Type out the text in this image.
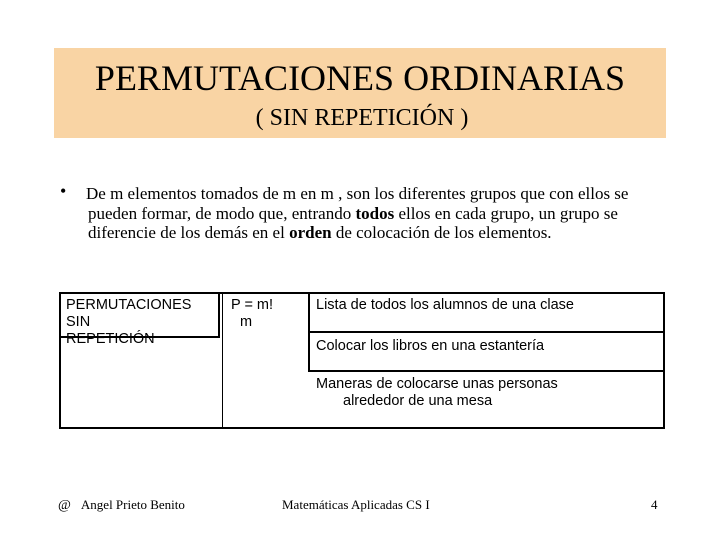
PERMUTACIONES ORDINARIAS
( SIN REPETICIÓN )
• De m elementos tomados de m en m , son los diferentes grupos que con ellos se pueden formar, de modo que, entrando todos ellos en cada grupo, un grupo se diferencie de los demás en el orden de colocación de los elementos.
PERMUTACIONES
SIN
REPETICIÓN
P = m!
m
Lista de todos los alumnos de una clase
Colocar los libros en una estantería
Maneras de colocarse unas personas
alrededor de una mesa
@ Angel Prieto Benito	Matemáticas Aplicadas CS I	4
